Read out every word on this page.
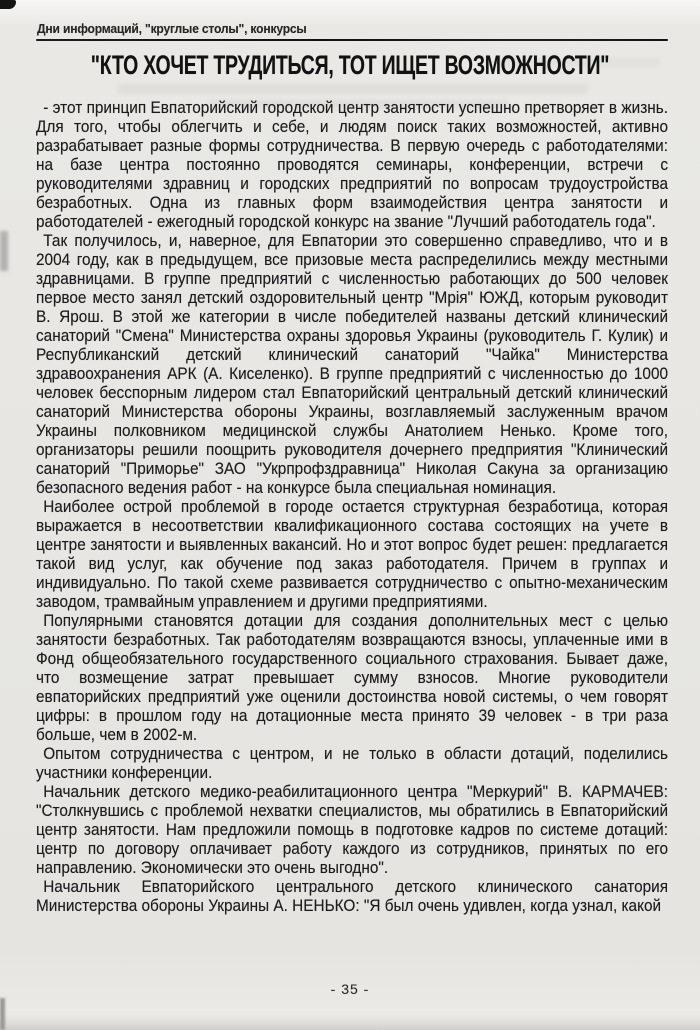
Дни информаций, "круглые столы", конкурсы
"КТО ХОЧЕТ ТРУДИТЬСЯ, ТОТ ИЩЕТ ВОЗМОЖНОСТИ"

- этот принцип Евпаторийский городской центр занятости успешно претворяет в жизнь. Для того, чтобы облегчить и себе, и людям поиск таких возможностей, активно разрабатывает разные формы сотрудничества. В первую очередь с работодателями: на базе центра постоянно проводятся семинары, конференции, встречи с руководителями здравниц и городских предприятий по вопросам трудоустройства безработных. Одна из главных форм взаимодействия центра занятости и работодателей - ежегодный городской конкурс на звание "Лучший работодатель года".

Так получилось, и, наверное, для Евпатории это совершенно справедливо, что и в 2004 году, как в предыдущем, все призовые места распределились между местными здравницами. В группе предприятий с численностью работающих до 500 человек первое место занял детский оздоровительный центр "Мрія" ЮЖД, которым руководит В. Ярош. В этой же категории в числе победителей названы детский клинический санаторий "Смена" Министерства охраны здоровья Украины (руководитель Г. Кулик) и Республиканский детский клинический санаторий "Чайка" Министерства здравоохранения АРК (А. Киселенко). В группе предприятий с численностью до 1000 человек бесспорным лидером стал Евпаторийский центральный детский клинический санаторий Министерства обороны Украины, возглавляемый заслуженным врачом Украины полковником медицинской службы Анатолием Ненько. Кроме того, организаторы решили поощрить руководителя дочернего предприятия "Клинический санаторий "Приморье" ЗАО "Укрпрофздравница" Николая Сакуна за организацию безопасного ведения работ - на конкурсе была специальная номинация.

Наиболее острой проблемой в городе остается структурная безработица, которая выражается в несоответствии квалификационного состава состоящих на учете в центре занятости и выявленных вакансий. Но и этот вопрос будет решен: предлагается такой вид услуг, как обучение под заказ работодателя. Причем в группах и индивидуально. По такой схеме развивается сотрудничество с опытно-механическим заводом, трамвайным управлением и другими предприятиями.

Популярными становятся дотации для создания дополнительных мест с целью занятости безработных. Так работодателям возвращаются взносы, уплаченные ими в Фонд общеобязательного государственного социального страхования. Бывает даже, что возмещение затрат превышает сумму взносов. Многие руководители евпаторийских предприятий уже оценили достоинства новой системы, о чем говорят цифры: в прошлом году на дотационные места принято 39 человек - в три раза больше, чем в 2002-м.

Опытом сотрудничества с центром, и не только в области дотаций, поделились участники конференции.

Начальник детского медико-реабилитационного центра "Меркурий" В. КАРМАЧЕВ: "Столкнувшись с проблемой нехватки специалистов, мы обратились в Евпаторийский центр занятости. Нам предложили помощь в подготовке кадров по системе дотаций: центр по договору оплачивает работу каждого из сотрудников, принятых по его направлению. Экономически это очень выгодно".

Начальник Евпаторийского центрального детского клинического санатория Министерства обороны Украины А. НЕНЬКО: "Я был очень удивлен, когда узнал, какой

- 35 -
